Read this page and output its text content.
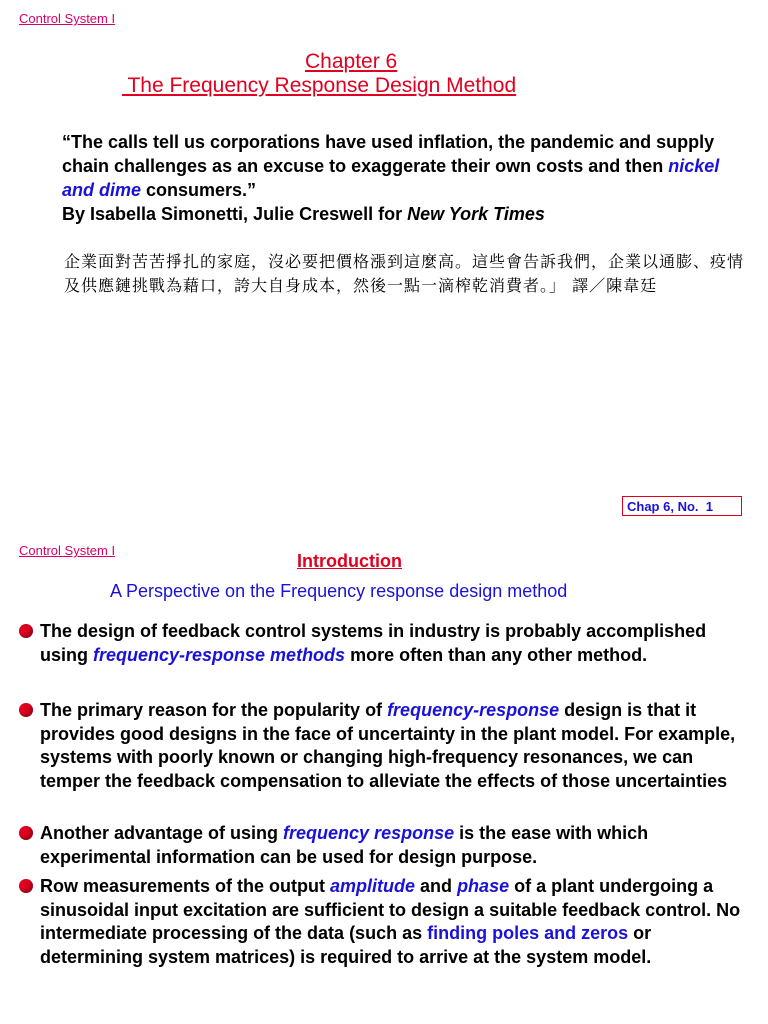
Control System I
Chapter 6
The Frequency Response Design Method
“The calls tell us corporations have used inflation, the pandemic and supply chain challenges as an excuse to exaggerate their own costs and then nickel and dime consumers.”
By Isabella Simonetti, Julie Creswell for New York Times
企業面對苦苦掙扎的家庭，沒必要把價格漲到這麼高。這些會告訴我們，企業以通膨、疫情及供應鏈挑戰為藉口，誇大自身成本，然後一點一滴榨乾消費者。」 譯／陳韋廷
Chap 6, No. 1
Control System I
Introduction
A Perspective on the Frequency response design method
The design of feedback control systems in industry is probably accomplished using frequency-response methods more often than any other method.
The primary reason for the popularity of frequency-response design is that it provides good designs in the face of uncertainty in the plant model. For example, systems with poorly known or changing high-frequency resonances, we can temper the feedback compensation to alleviate the effects of those uncertainties
Another advantage of using frequency response is the ease with which experimental information can be used for design purpose.
Row measurements of the output amplitude and phase of a plant undergoing a sinusoidal input excitation are sufficient to design a suitable feedback control. No intermediate processing of the data (such as finding poles and zeros or determining system matrices) is required to arrive at the system model.
